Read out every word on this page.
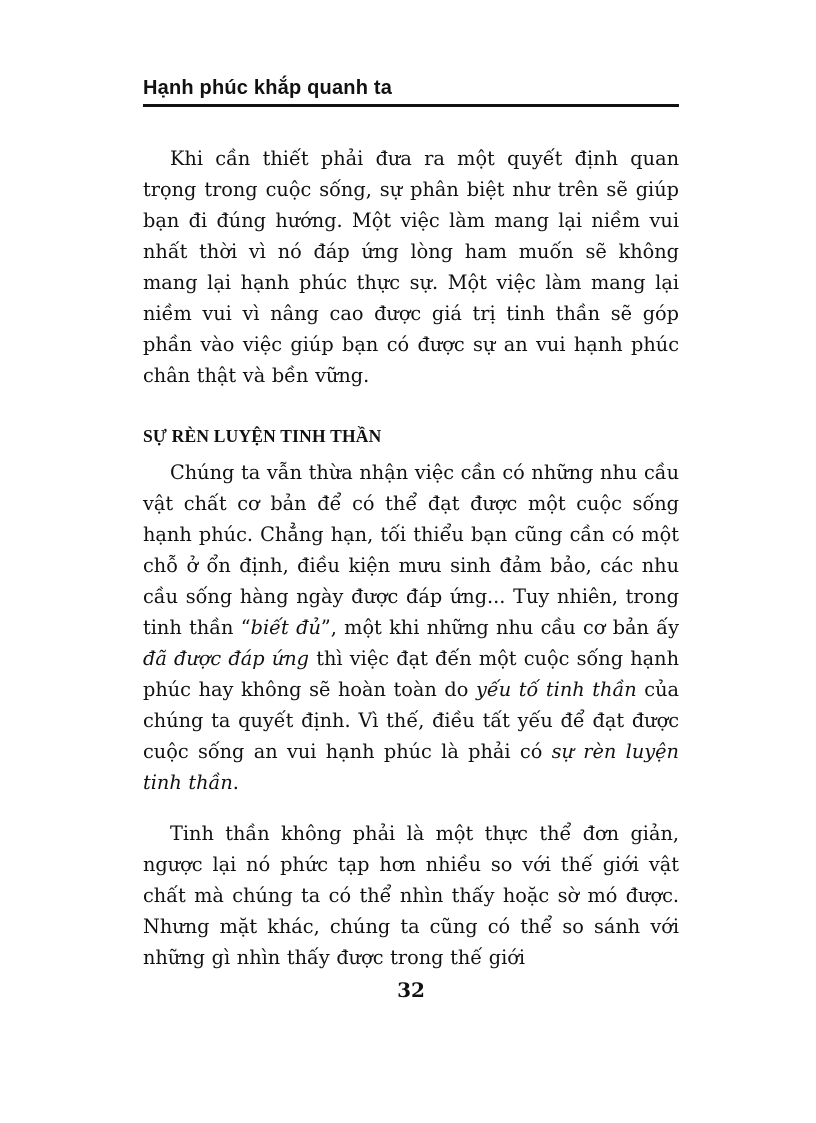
Hạnh phúc khắp quanh ta

Khi cần thiết phải đưa ra một quyết định quan trọng trong cuộc sống, sự phân biệt như trên sẽ giúp bạn đi đúng hướng. Một việc làm mang lại niềm vui nhất thời vì nó đáp ứng lòng ham muốn sẽ không mang lại hạnh phúc thực sự. Một việc làm mang lại niềm vui vì nâng cao được giá trị tinh thần sẽ góp phần vào việc giúp bạn có được sự an vui hạnh phúc chân thật và bền vững.

SỰ RÈN LUYỆN TINH THẦN

Chúng ta vẫn thừa nhận việc cần có những nhu cầu vật chất cơ bản để có thể đạt được một cuộc sống hạnh phúc. Chẳng hạn, tối thiểu bạn cũng cần có một chỗ ở ổn định, điều kiện mưu sinh đảm bảo, các nhu cầu sống hàng ngày được đáp ứng... Tuy nhiên, trong tinh thần “biết đủ”, một khi những nhu cầu cơ bản ấy đã được đáp ứng thì việc đạt đến một cuộc sống hạnh phúc hay không sẽ hoàn toàn do yếu tố tinh thần của chúng ta quyết định. Vì thế, điều tất yếu để đạt được cuộc sống an vui hạnh phúc là phải có sự rèn luyện tinh thần.

Tinh thần không phải là một thực thể đơn giản, ngược lại nó phức tạp hơn nhiều so với thế giới vật chất mà chúng ta có thể nhìn thấy hoặc sờ mó được. Nhưng mặt khác, chúng ta cũng có thể so sánh với những gì nhìn thấy được trong thế giới

32
